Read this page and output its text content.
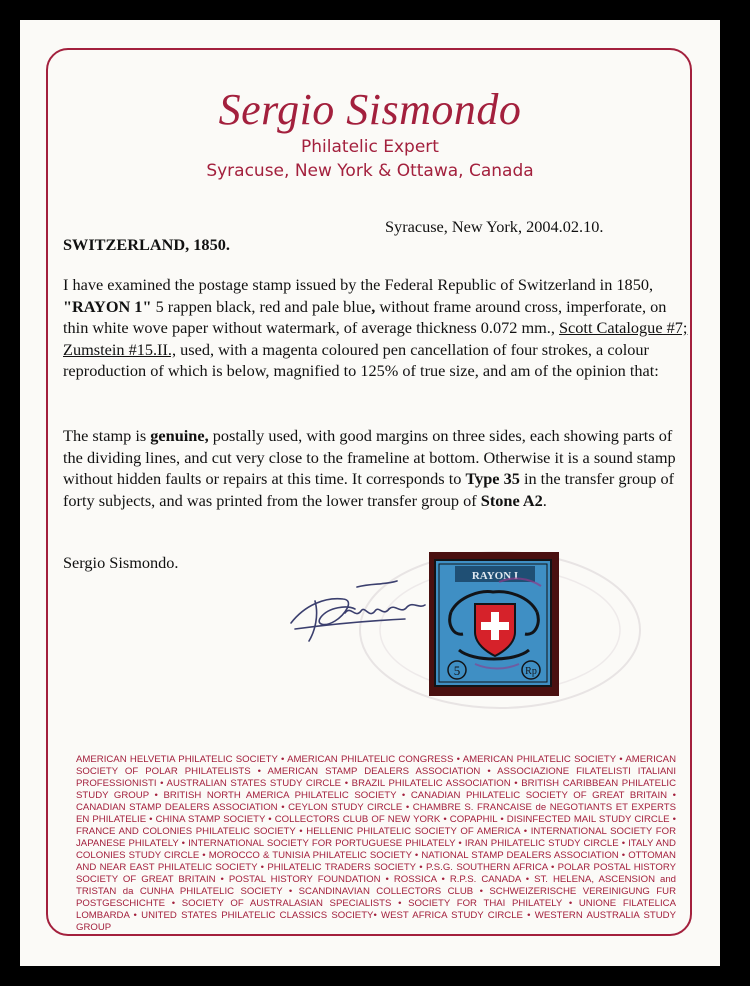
Sergio Sismondo
Philatelic Expert
Syracuse, New York & Ottawa, Canada
Syracuse, New York, 2004.02.10.
SWITZERLAND, 1850.
I have examined the postage stamp issued by the Federal Republic of Switzerland in 1850, "RAYON 1" 5 rappen black, red and pale blue, without frame around cross, imperforate, on thin white wove paper without watermark, of average thickness 0.072 mm., Scott Catalogue #7; Zumstein #15.II., used, with a magenta coloured pen cancellation of four strokes, a colour reproduction of which is below, magnified to 125% of true size, and am of the opinion that:
The stamp is genuine, postally used, with good margins on three sides, each showing parts of the dividing lines, and cut very close to the frameline at bottom. Otherwise it is a sound stamp without hidden faults or repairs at this time. It corresponds to Type 35 in the transfer group of forty subjects, and was printed from the lower transfer group of Stone A2.
Sergio Sismondo.
RAYON I
5	Rp
AMERICAN HELVETIA PHILATELIC SOCIETY • AMERICAN PHILATELIC CONGRESS • AMERICAN PHILATELIC SOCIETY • AMERICAN SOCIETY OF POLAR PHILATELISTS • AMERICAN STAMP DEALERS ASSOCIATION • ASSOCIAZIONE FILATELISTI ITALIANI PROFESSIONISTI • AUSTRALIAN STATES STUDY CIRCLE • BRAZIL PHILATELIC ASSOCIATION • BRITISH CARIBBEAN PHILATELIC STUDY GROUP • BRITISH NORTH AMERICA PHILATELIC SOCIETY • CANADIAN PHILATELIC SOCIETY OF GREAT BRITAIN • CANADIAN STAMP DEALERS ASSOCIATION • CEYLON STUDY CIRCLE • CHAMBRE S. FRANCAISE de NEGOTIANTS ET EXPERTS EN PHILATELIE • CHINA STAMP SOCIETY • COLLECTORS CLUB OF NEW YORK • COPAPHIL • DISINFECTED MAIL STUDY CIRCLE • FRANCE AND COLONIES PHILATELIC SOCIETY • HELLENIC PHILATELIC SOCIETY OF AMERICA • INTERNATIONAL SOCIETY FOR JAPANESE PHILATELY • INTERNATIONAL SOCIETY FOR PORTUGUESE PHILATELY • IRAN PHILATELIC STUDY CIRCLE • ITALY AND COLONIES STUDY CIRCLE • MOROCCO & TUNISIA PHILATELIC SOCIETY • NATIONAL STAMP DEALERS ASSOCIATION • OTTOMAN AND NEAR EAST PHILATELIC SOCIETY • PHILATELIC TRADERS SOCIETY • P.S.G. SOUTHERN AFRICA • POLAR POSTAL HISTORY SOCIETY OF GREAT BRITAIN • POSTAL HISTORY FOUNDATION • ROSSICA • R.P.S. CANADA • ST. HELENA, ASCENSION and TRISTAN da CUNHA PHILATELIC SOCIETY • SCANDINAVIAN COLLECTORS CLUB • SCHWEIZERISCHE VEREINIGUNG FUR POSTGESCHICHTE • SOCIETY OF AUSTRALASIAN SPECIALISTS • SOCIETY FOR THAI PHILATELY • UNIONE FILATELICA LOMBARDA • UNITED STATES PHILATELIC CLASSICS SOCIETY• WEST AFRICA STUDY CIRCLE • WESTERN AUSTRALIA STUDY GROUP
